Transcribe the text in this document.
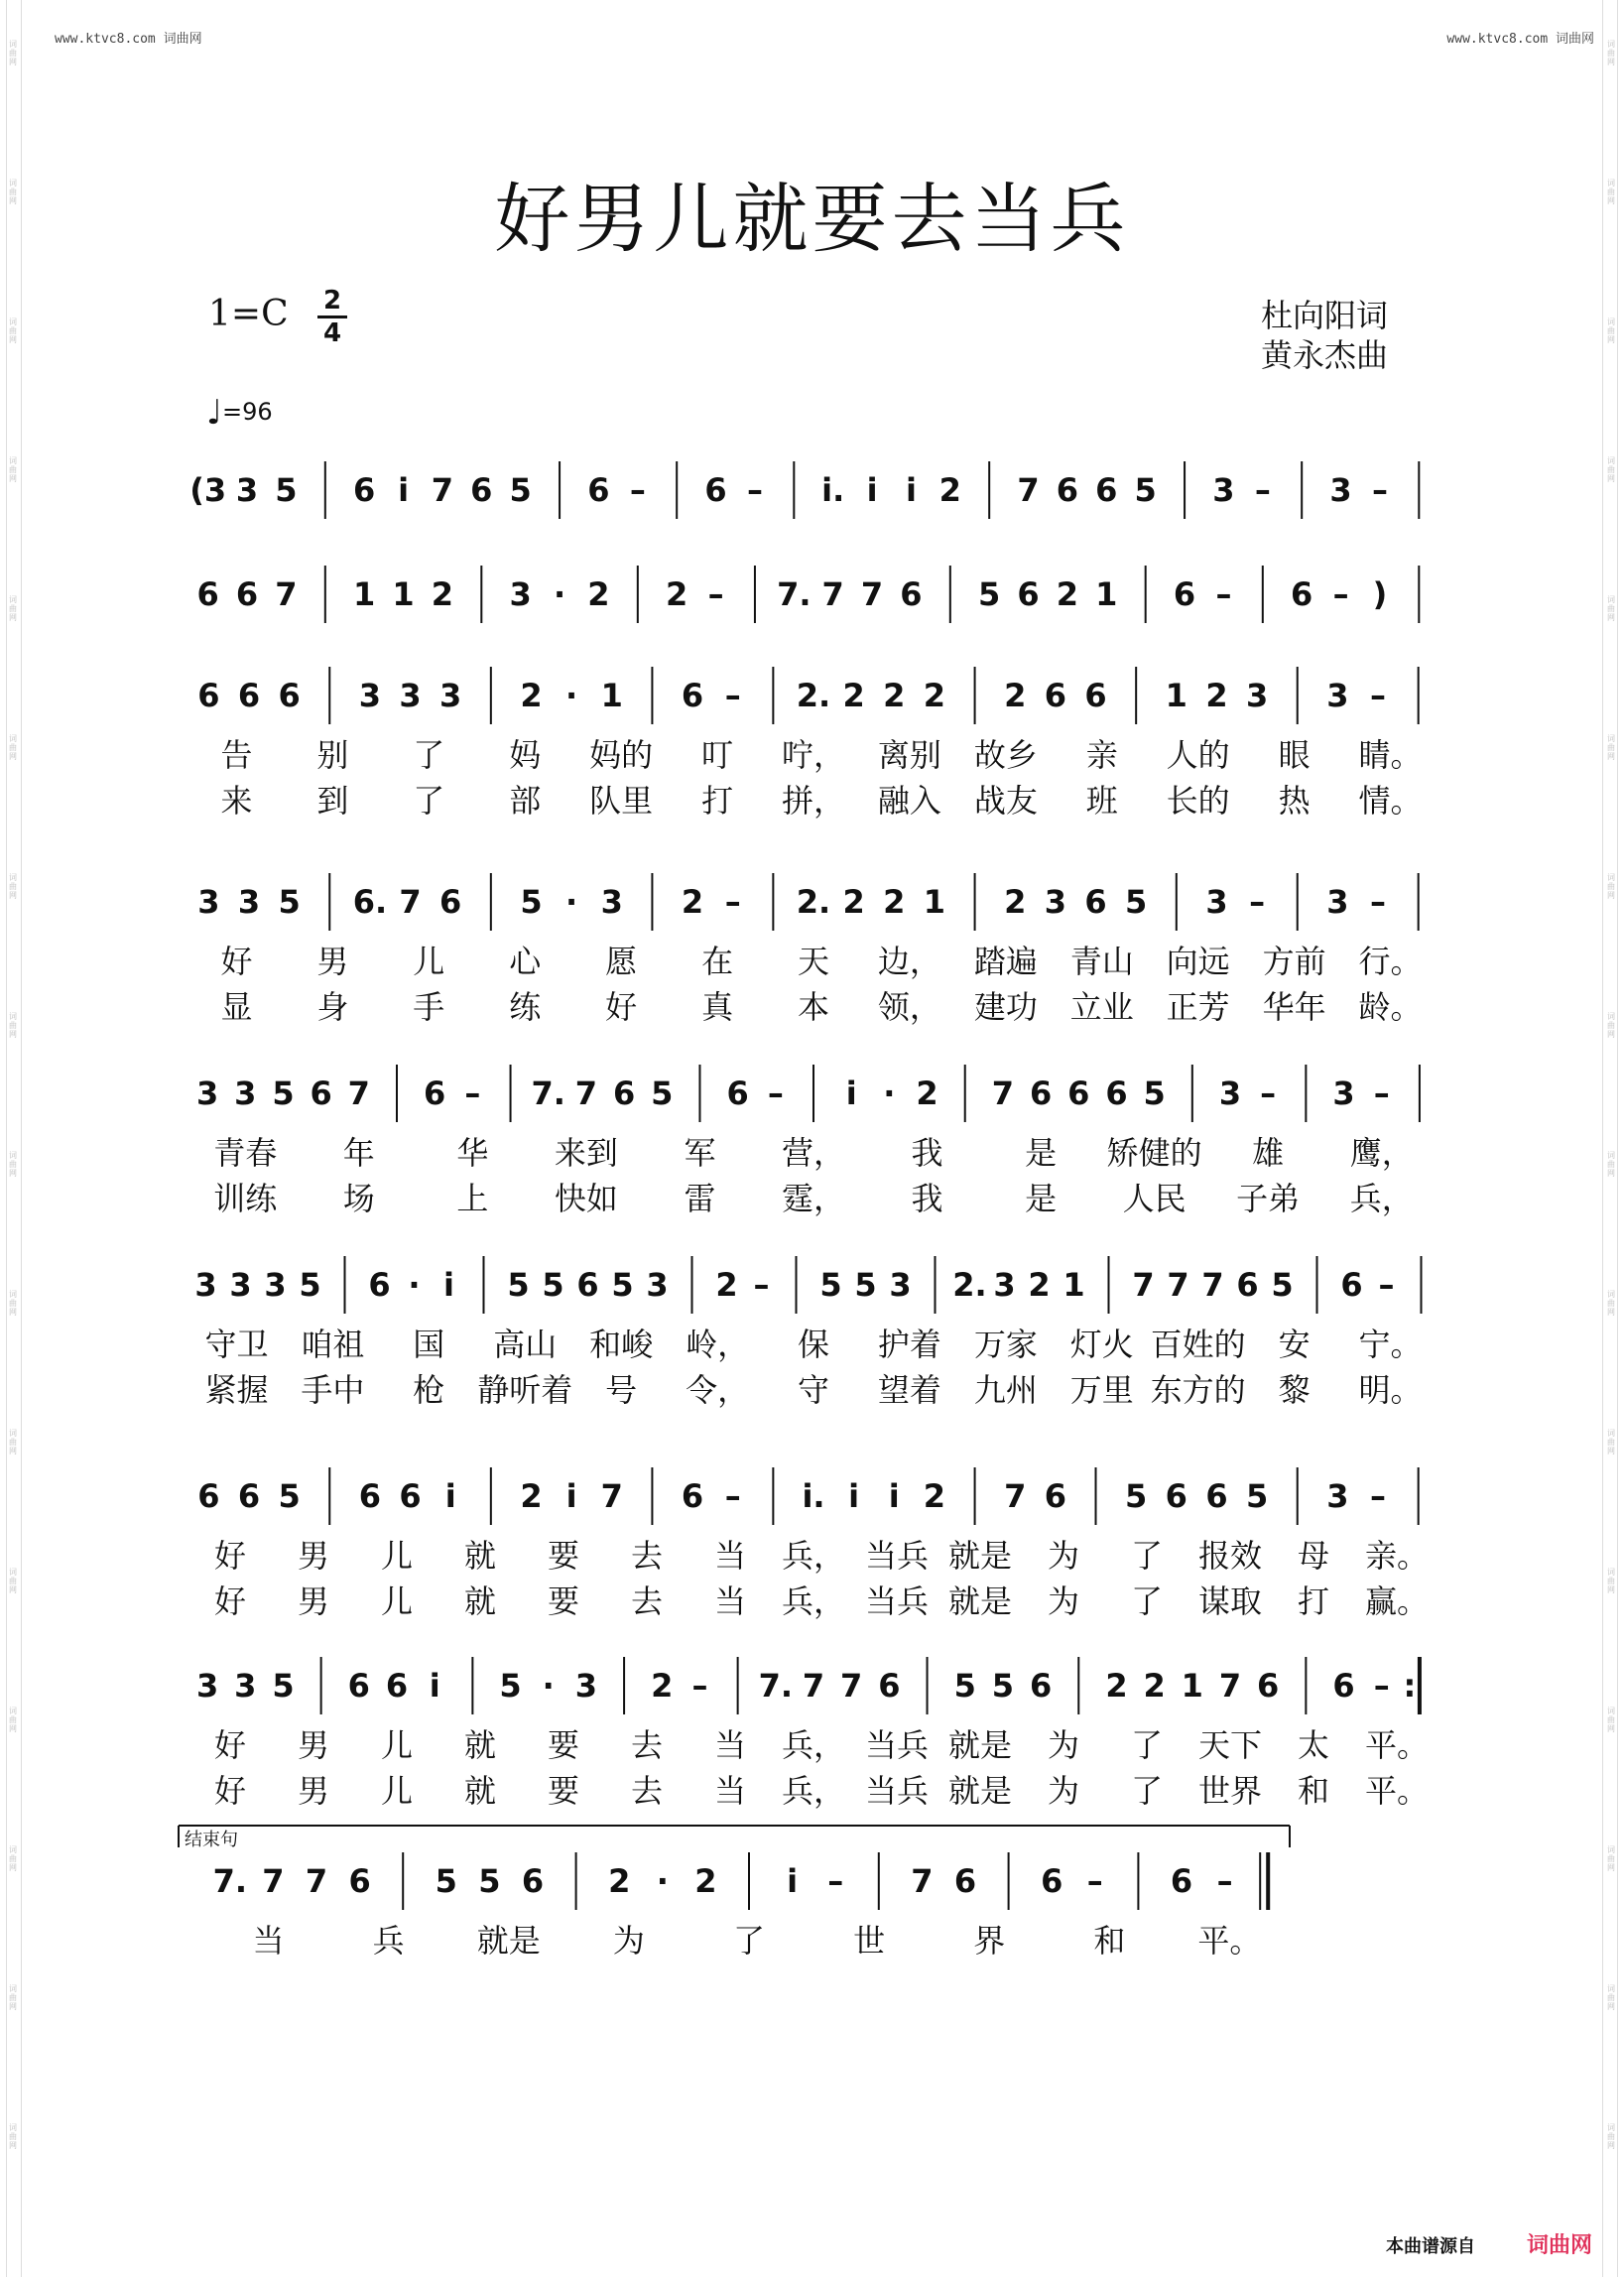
www.ktvc8.com 词曲网	www.ktvc8.com 词曲网
好男儿就要去当兵
1=C 2
4
♩=96
杜向阳词
黄永杰曲
(3 3 5 6 i 7 6 5 6 – 6 – i. i i 2 7 6 6 5 3 – 3 –
6 6 7 1 1 2 3 · 2 2 – 7. 7 7 6 5 6 2 1 6 – 6 – )
6 6 6 3 3 3 2 · 1 6 – 2. 2 2 2 2 6 6 1 2 3 3 –
告 别 了 妈 妈的 叮 咛， 离别 故乡 亲 人的 眼 睛。
来 到 了 部 队里 打 拼， 融入 战友 班 长的 热 情。
3 3 5 6. 7 6 5 · 3 2 – 2. 2 2 1 2 3 6 5 3 – 3 –
好 男 儿 心 愿 在 天 边， 踏遍 青山 向远 方前 行。
显 身 手 练 好 真 本 领， 建功 立业 正芳 华年 龄。
3 3 5 6 7 6 – 7. 7 6 5 6 – i · 2 7 6 6 6 5 3 – 3 –
青春 年	华 来到 军 营， 我	是 矫健的 雄 鹰，
训练 场	上 快如 雷 霆， 我	是 人民 子弟 兵，
3 3 3 5 6 · i 5 5 6 5 3 2 – 5 5 3 2. 3 2 1 7 7 7 6 5 6 –
守卫 咱祖 国 高山 和峻 岭， 保 护着 万家 灯火 百姓的 安 宁。
紧握 手中 枪 静听着 号 令， 守 望着 九州 万里 东方的 黎 明。
6 6 5 6 6 i 2 i 7 6 – i. i i 2 7 6 5 6 6 5 3 –
好 男 儿 就 要 去 当 兵， 当兵 就是 为 了 报效 母 亲。
好 男 儿 就 要 去 当 兵， 当兵 就是 为 了 谋取 打 赢。
3 3 5 6 6 i 5 · 3 2 – 7. 7 7 6 5 5 6 2 2 1 7 6 6 – :
好 男 儿 就 要 去 当 兵， 当兵 就是 为 了 天下 太 平。
好 男 儿 就 要 去 当 兵， 当兵 就是 为 了 世界 和 平。
7. 7 7 6 5 5 6 2 · 2 i – 7 6 6 – 6 –
当	兵 就是 为	了	世	界	和 平。
结束句
本曲谱源自 词曲网
词
曲
网
词
曲
网
词
曲
网
词
曲
网
词
曲
网
词
曲
网
词
曲
网
词
曲
网
词
曲
网
词
曲
网
词
曲
网
词
曲
网
词
曲
网
词
曲
网
词
曲
网
词
曲
网
词
曲
网
词
曲
网
词
曲
网
词
曲
网
词
曲
网
词
曲
网
词
曲
网
词
曲
网
词
曲
网
词
曲
网
词
曲
网
词
曲
网
词
曲
网
词
曲
网
词
曲
网
词
曲
网
